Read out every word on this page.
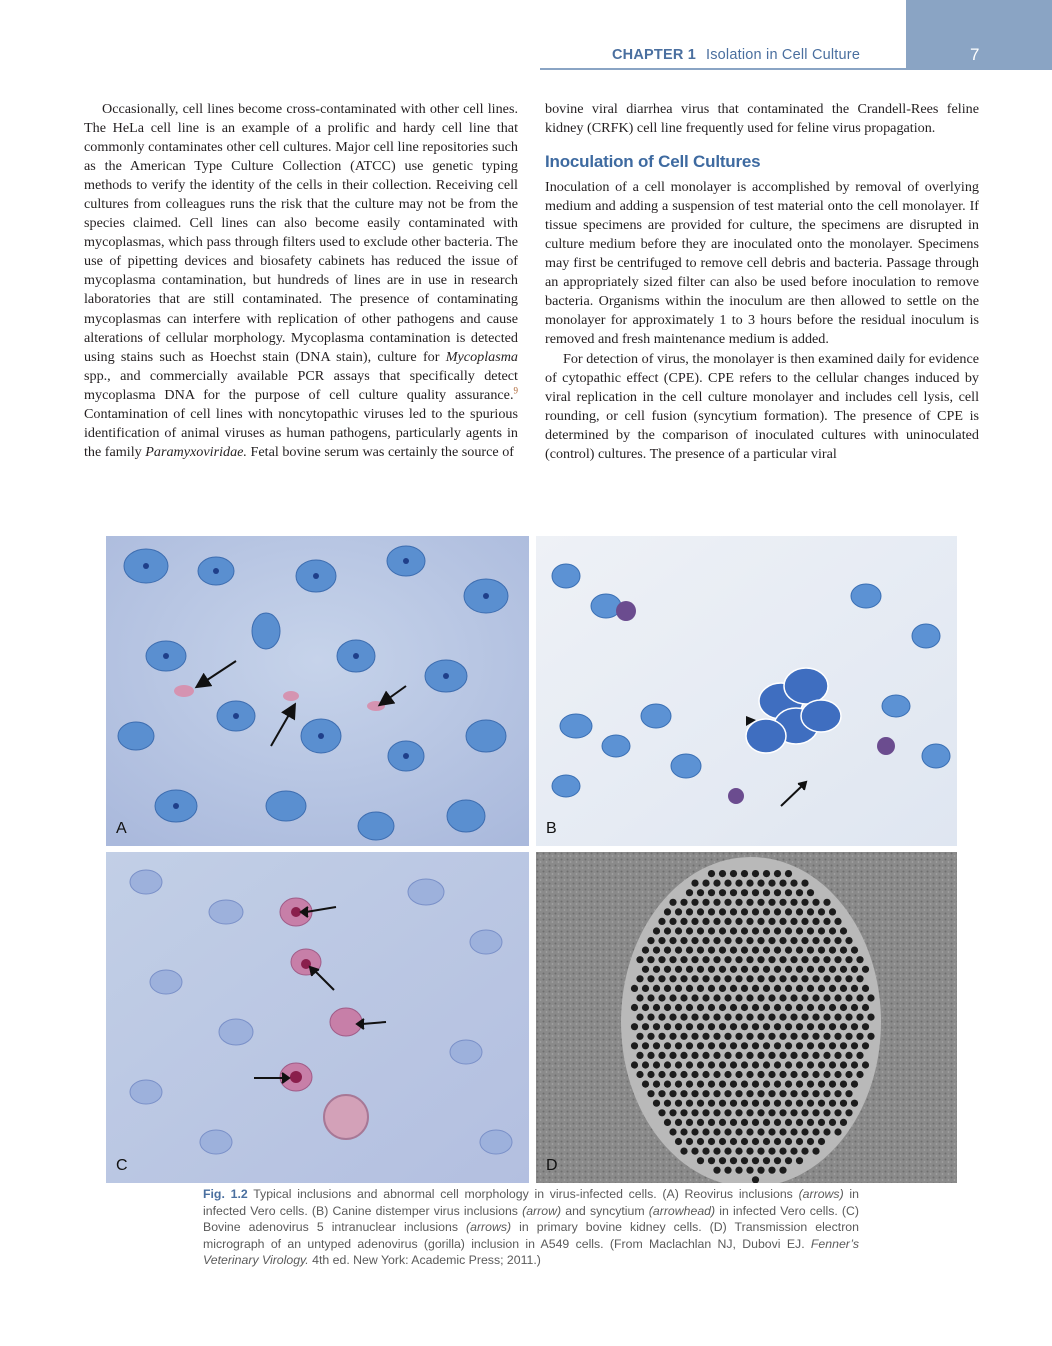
CHAPTER 1 Isolation in Cell Culture	7

Occasionally, cell lines become cross-contaminated with other cell lines. The HeLa cell line is an example of a prolific and hardy cell line that commonly contaminates other cell cultures. Major cell line repositories such as the American Type Culture Collection (ATCC) use genetic typing methods to verify the identity of the cells in their collection. Receiving cell cultures from colleagues runs the risk that the culture may not be from the species claimed. Cell lines can also become easily contaminated with mycoplasmas, which pass through filters used to exclude other bacteria. The use of pipetting devices and biosafety cabinets has reduced the issue of mycoplasma contamination, but hundreds of lines are in use in research laboratories that are still contaminated. The presence of contaminating mycoplasmas can interfere with replication of other pathogens and cause alterations of cellular morphology. Mycoplasma contamination is detected using stains such as Hoechst stain (DNA stain), culture for Mycoplasma spp., and commercially available PCR assays that specifically detect mycoplasma DNA for the purpose of cell culture quality assurance.$^9$ Contamination of cell lines with noncytopathic viruses led to the spurious identification of animal viruses as human pathogens, particularly agents in the family Paramyxoviridae. Fetal bovine serum was certainly the source of

bovine viral diarrhea virus that contaminated the Crandell-Rees feline kidney (CRFK) cell line frequently used for feline virus propagation.

Inoculation of Cell Cultures

Inoculation of a cell monolayer is accomplished by removal of overlying medium and adding a suspension of test material onto the cell monolayer. If tissue specimens are provided for culture, the specimens are disrupted in culture medium before they are inoculated onto the monolayer. Specimens may first be centrifuged to remove cell debris and bacteria. Passage through an appropriately sized filter can also be used before inoculation to remove bacteria. Organisms within the inoculum are then allowed to settle on the monolayer for approximately 1 to 3 hours before the residual inoculum is removed and fresh maintenance medium is added.

For detection of virus, the monolayer is then examined daily for evidence of cytopathic effect (CPE). CPE refers to the cellular changes induced by viral replication in the cell culture monolayer and includes cell lysis, cell rounding, or cell fusion (syncytium formation). The presence of CPE is determined by the comparison of inoculated cultures with uninoculated (control) cultures. The presence of a particular viral

A	B
C	D
Fig. 1.2 Typical inclusions and abnormal cell morphology in virus-infected cells. (A) Reovirus inclusions (arrows) in infected Vero cells. (B) Canine distemper virus inclusions (arrow) and syncytium (arrowhead) in infected Vero cells. (C) Bovine adenovirus 5 intranuclear inclusions (arrows) in primary bovine kidney cells. (D) Transmission electron micrograph of an untyped adenovirus (gorilla) inclusion in A549 cells. (From Maclachlan NJ, Dubovi EJ. Fenner’s Veterinary Virology. 4th ed. New York: Academic Press; 2011.)
